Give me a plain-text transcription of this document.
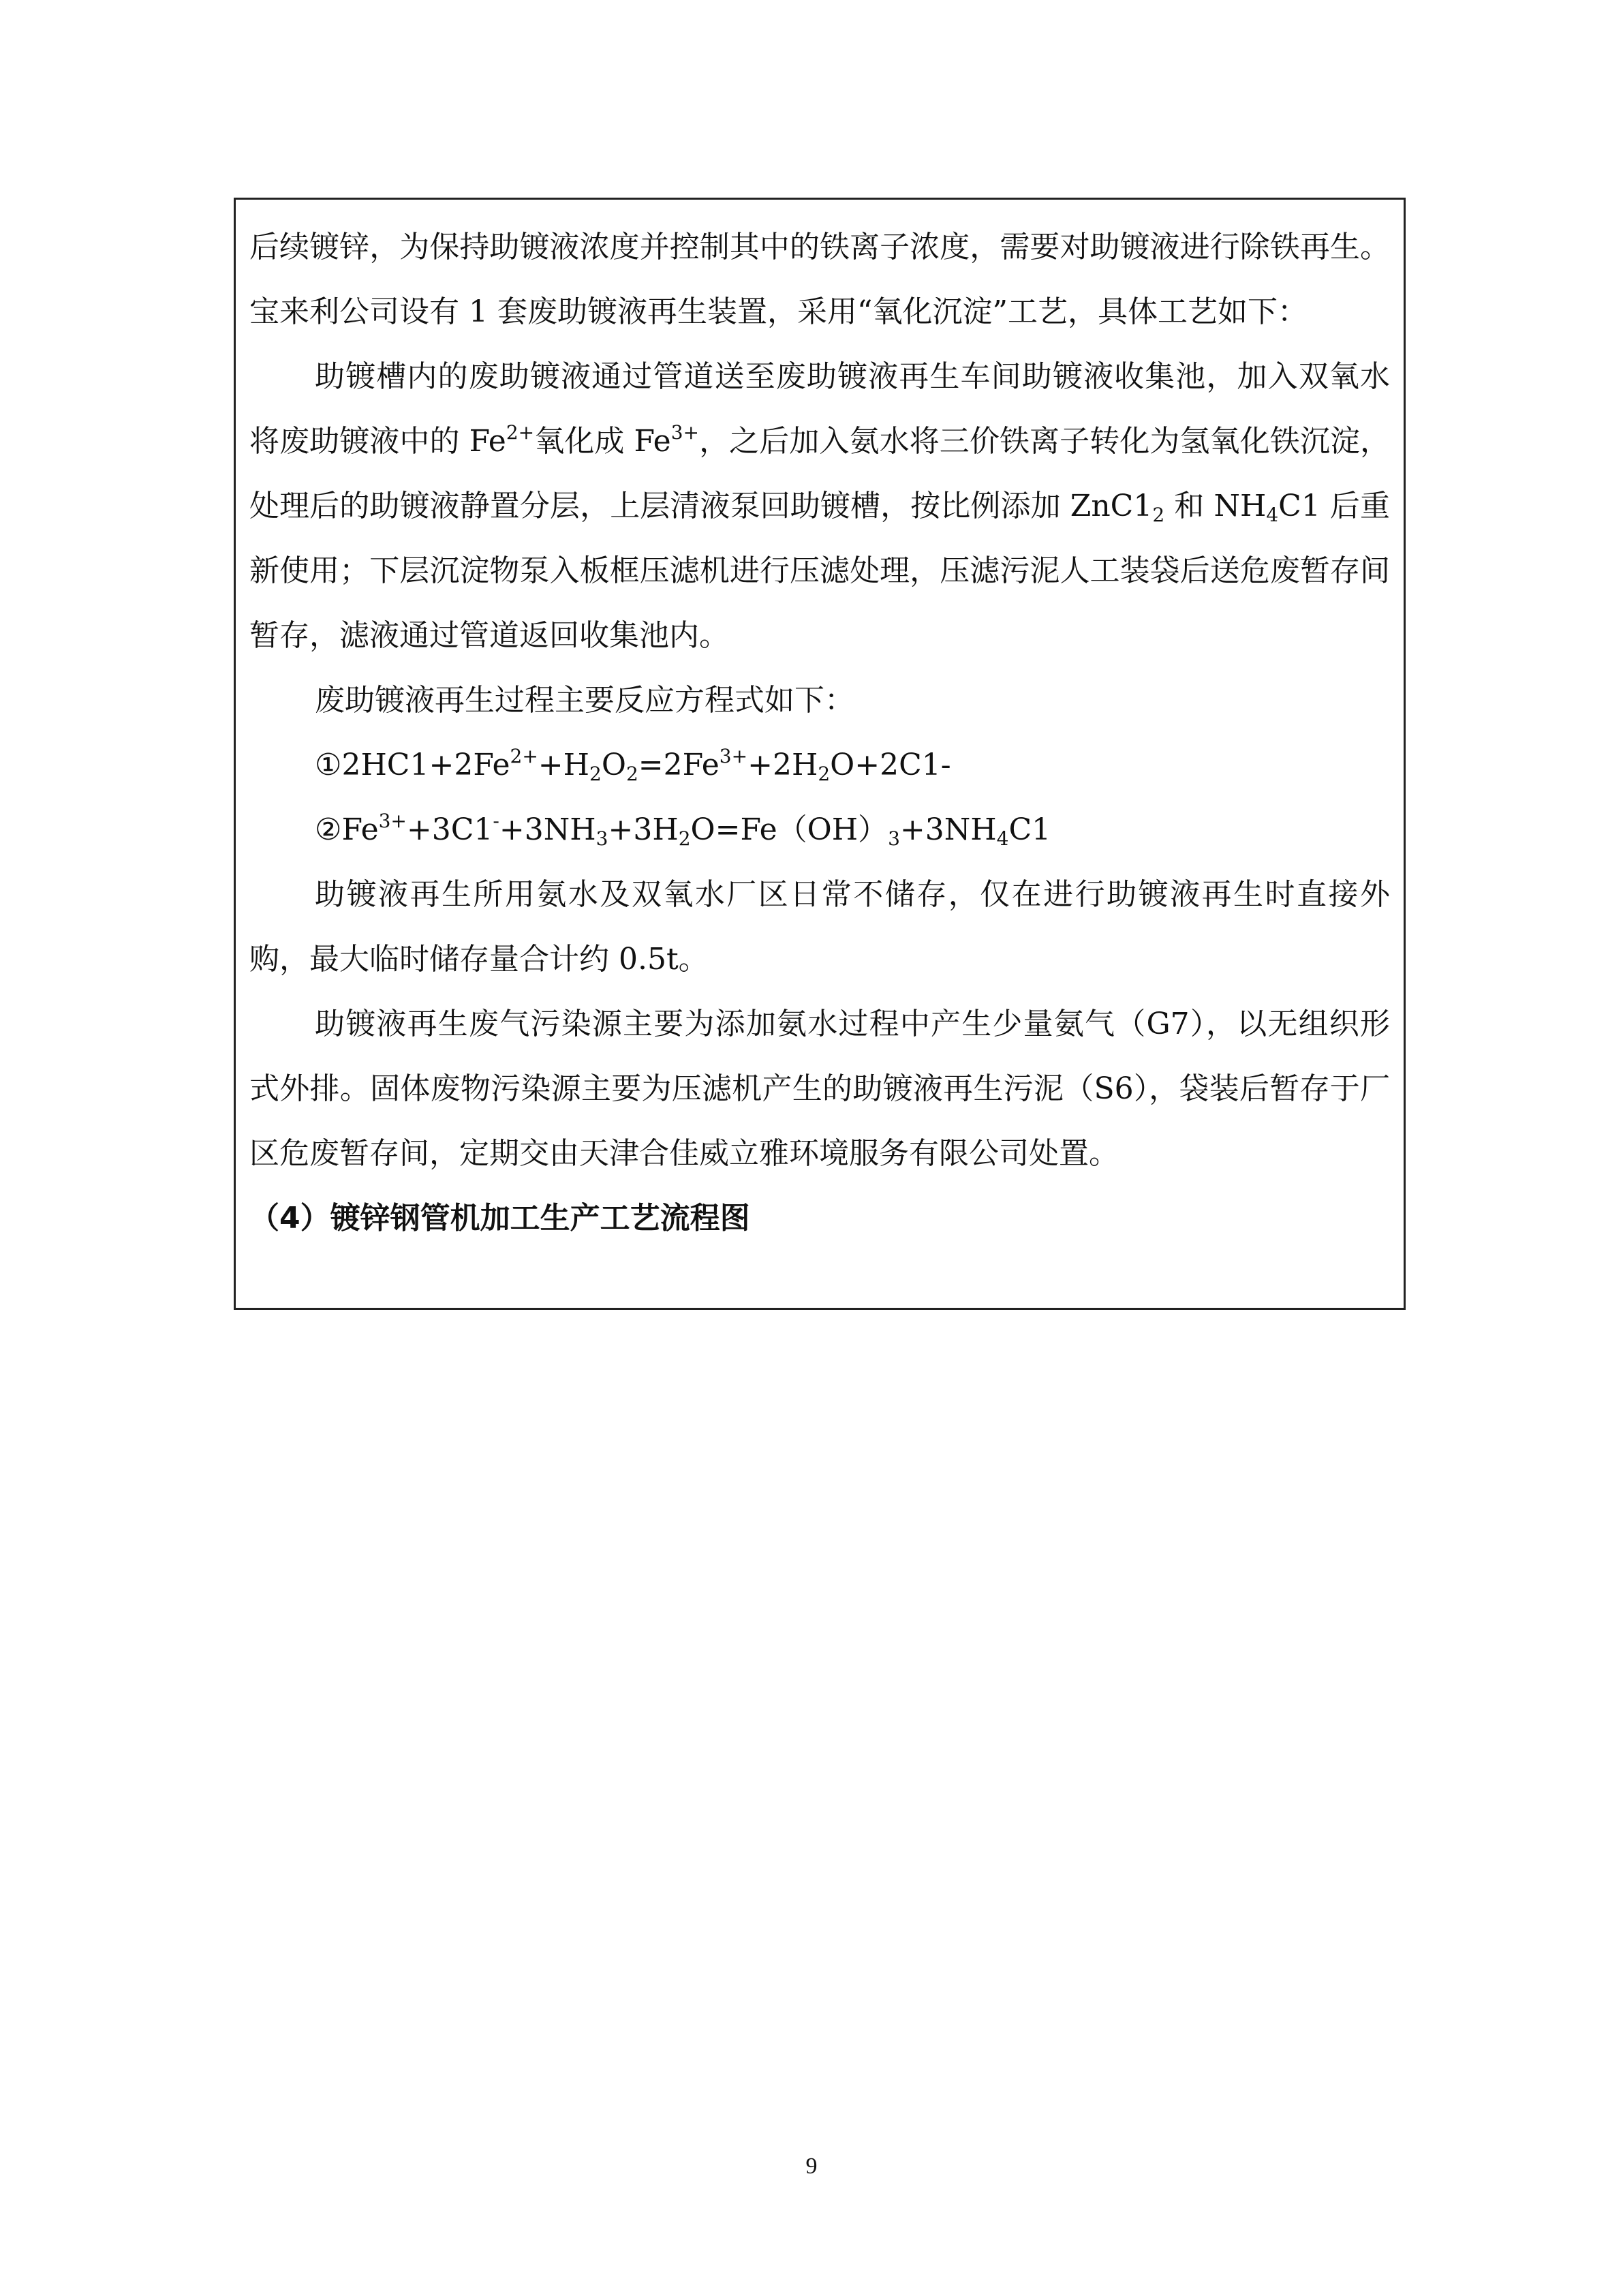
后续镀锌，为保持助镀液浓度并控制其中的铁离子浓度，需要对助镀液进行除铁再生。宝来利公司设有 1 套废助镀液再生装置，采用“氧化沉淀”工艺，具体工艺如下：

助镀槽内的废助镀液通过管道送至废助镀液再生车间助镀液收集池，加入双氧水将废助镀液中的 $Fe^{2+}$氧化成 $Fe^{3+}$，之后加入氨水将三价铁离子转化为氢氧化铁沉淀，处理后的助镀液静置分层，上层清液泵回助镀槽，按比例添加 $ZnC1_2$ 和 $NH_4C1$ 后重新使用；下层沉淀物泵入板框压滤机进行压滤处理，压滤污泥人工装袋后送危废暂存间暂存，滤液通过管道返回收集池内。

废助镀液再生过程主要反应方程式如下：

$①2HC1+2Fe^{2+}+H_2O_2=2Fe^{3+}+2H_2O+2C1-$

$②Fe^{3+}+3C1^-+3NH_3+3H_2O=Fe(OH)_3+3NH_4C1$

助镀液再生所用氨水及双氧水厂区日常不储存，仅在进行助镀液再生时直接外购，最大临时储存量合计约 0.5t。

助镀液再生废气污染源主要为添加氨水过程中产生少量氨气（G7），以无组织形式外排。固体废物污染源主要为压滤机产生的助镀液再生污泥（S6），袋装后暂存于厂区危废暂存间，定期交由天津合佳威立雅环境服务有限公司处置。

（4）镀锌钢管机加工生产工艺流程图

9
